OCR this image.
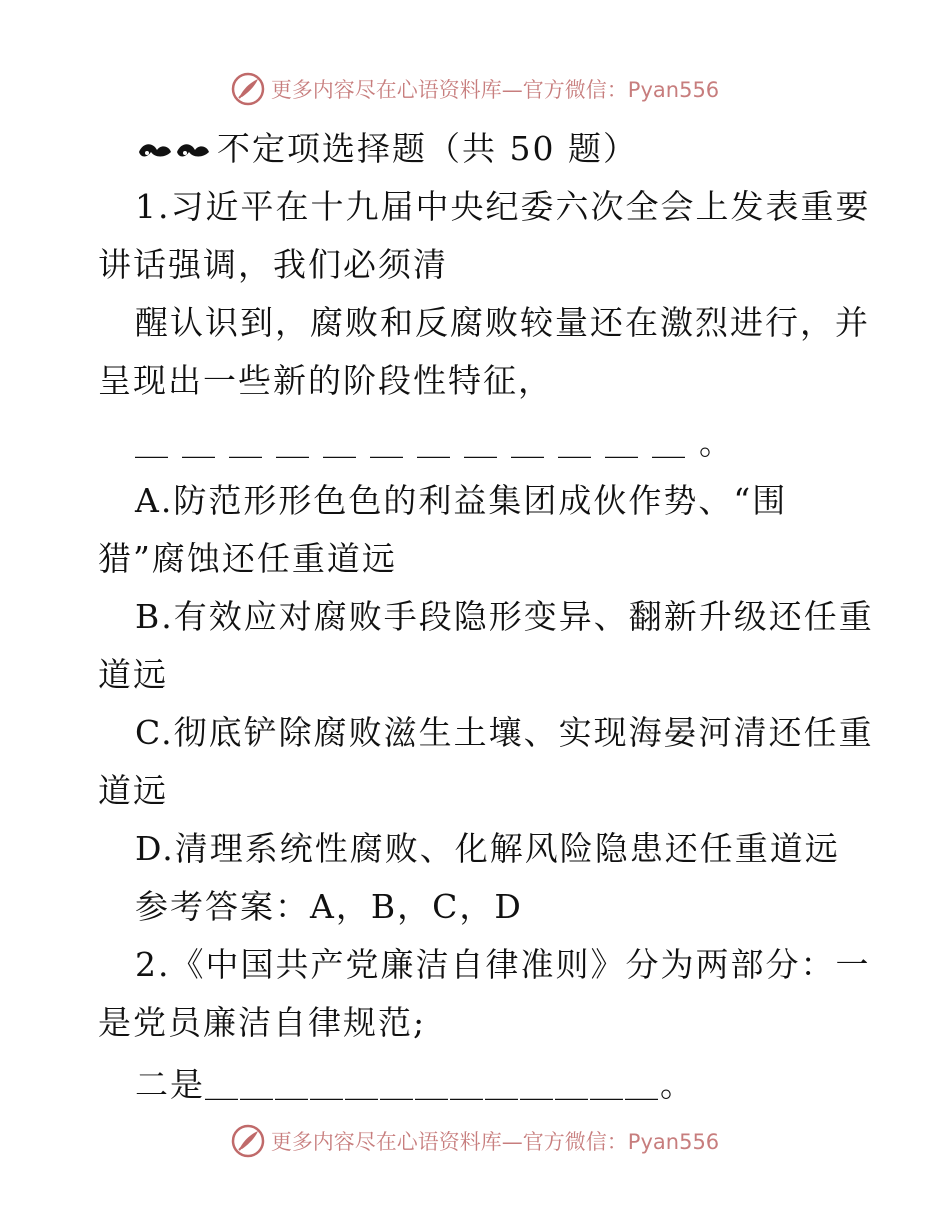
更多内容尽在心语资料库—官方微信：Pyan556
不定项选择题（共 50 题）
1.习近平在十九届中央纪委六次全会上发表重要
讲话强调，我们必须清
醒认识到，腐败和反腐败较量还在激烈进行，并
呈现出一些新的阶段性特征，
＿＿＿＿＿＿＿＿＿＿＿＿。
A.防范形形色色的利益集团成伙作势、“围
猎”腐蚀还任重道远
B.有效应对腐败手段隐形变异、翻新升级还任重
道远
C.彻底铲除腐败滋生土壤、实现海晏河清还任重
道远
D.清理系统性腐败、化解风险隐患还任重道远
参考答案：A，B，C，D
2.《中国共产党廉洁自律准则》分为两部分：一
是党员廉洁自律规范;
二是＿＿＿＿＿＿＿＿＿＿＿＿＿。
更多内容尽在心语资料库—官方微信：Pyan556
